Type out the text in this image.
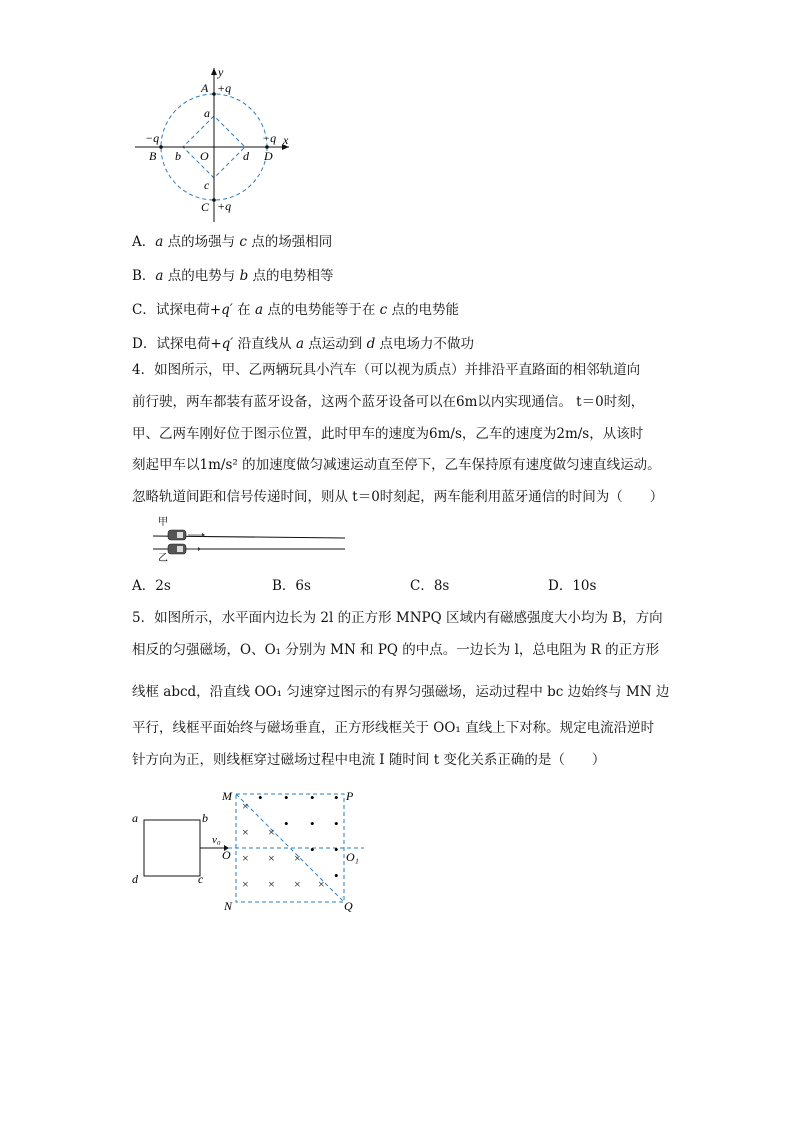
y
x
A +q
a
−q
B b O	d
−q
D
c
C +q
A．a 点的场强与 c 点的场强相同
B．a 点的电势与 b 点的电势相等
C．试探电荷+q′ 在 a 点的电势能等于在 c 点的电势能
D．试探电荷+q′ 沿直线从 a 点运动到 d 点电场力不做功
4．如图所示，甲、乙两辆玩具小汽车（可以视为质点）并排沿平直路面的相邻轨道向
前行驶，两车都装有蓝牙设备，这两个蓝牙设备可以在6m以内实现通信。 t＝0时刻，
甲、乙两车刚好位于图示位置，此时甲车的速度为6m/s，乙车的速度为2m/s，从该时
刻起甲车以1m/s² 的加速度做匀减速运动直至停下，乙车保持原有速度做匀速直线运动。
忽略轨道间距和信号传递时间，则从 t＝0时刻起，两车能利用蓝牙通信的时间为（　　）
甲
乙
A．2s	B．6s	C．8s	D．10s
5．如图所示，水平面内边长为 2l 的正方形 MNPQ 区域内有磁感强度大小均为 B，方向
相反的匀强磁场，O、O₁ 分别为 MN 和 PQ 的中点。一边长为 l，总电阻为 R 的正方形
线框 abcd，沿直线 OO₁ 匀速穿过图示的有界匀强磁场，运动过程中 bc 边始终与 MN 边
平行，线框平面始终与磁场垂直，正方形线框关于 OO₁ 直线上下对称。规定电流沿逆时
针方向为正，则线框穿过磁场过程中电流 I 随时间 t 变化关系正确的是（　　）
a	b
c
d
v₀
M	P
N	Q
O	O₁
• • • •
• • •
• •
•
×
× ×
× × ×
× × × ×
